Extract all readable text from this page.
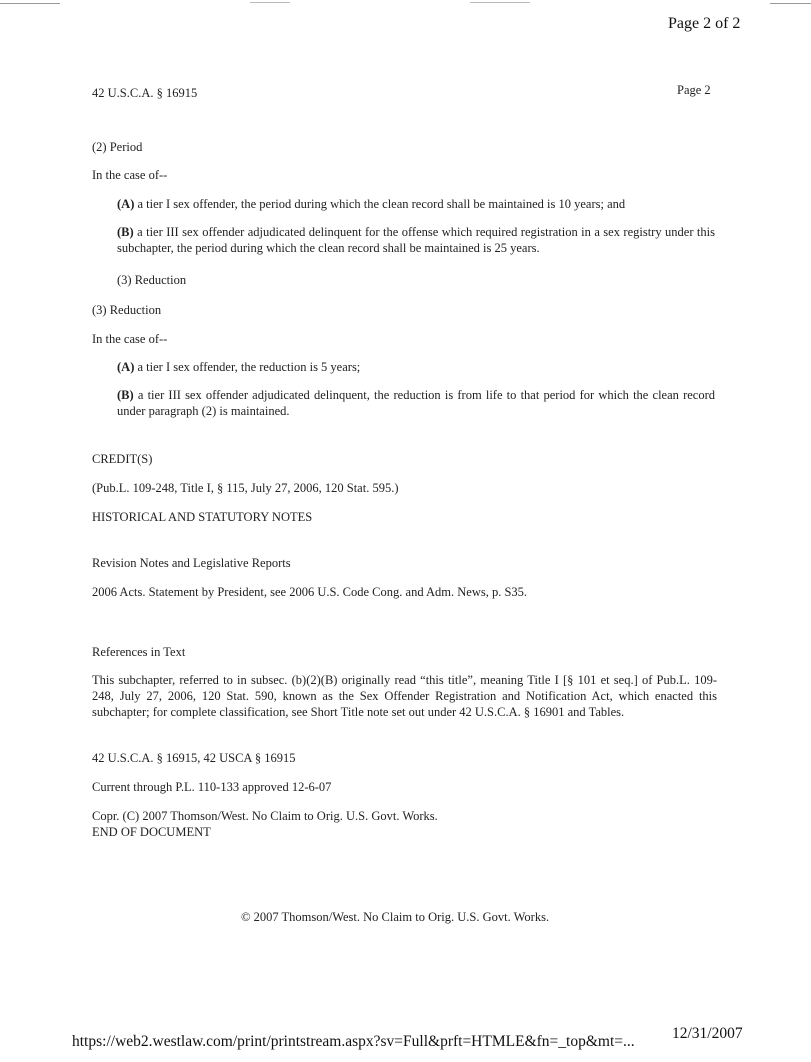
Page 2 of 2
42 U.S.C.A. § 16915	Page 2
(2) Period
In the case of--
(A) a tier I sex offender, the period during which the clean record shall be maintained is 10 years; and
(B) a tier III sex offender adjudicated delinquent for the offense which required registration in a sex registry under this subchapter, the period during which the clean record shall be maintained is 25 years.
(3) Reduction
(3) Reduction
In the case of--
(A) a tier I sex offender, the reduction is 5 years;
(B) a tier III sex offender adjudicated delinquent, the reduction is from life to that period for which the clean record under paragraph (2) is maintained.
CREDIT(S)
(Pub.L. 109-248, Title I, § 115, July 27, 2006, 120 Stat. 595.)
HISTORICAL AND STATUTORY NOTES
Revision Notes and Legislative Reports
2006 Acts. Statement by President, see 2006 U.S. Code Cong. and Adm. News, p. S35.
References in Text
This subchapter, referred to in subsec. (b)(2)(B) originally read “this title”, meaning Title I [§ 101 et seq.] of Pub.L. 109-248, July 27, 2006, 120 Stat. 590, known as the Sex Offender Registration and Notification Act, which enacted this subchapter; for complete classification, see Short Title note set out under 42 U.S.C.A. § 16901 and Tables.
42 U.S.C.A. § 16915, 42 USCA § 16915
Current through P.L. 110-133 approved 12-6-07
Copr. (C) 2007 Thomson/West. No Claim to Orig. U.S. Govt. Works.
END OF DOCUMENT
© 2007 Thomson/West. No Claim to Orig. U.S. Govt. Works.
https://web2.westlaw.com/print/printstream.aspx?sv=Full&prft=HTMLE&fn=_top&mt=... 12/31/2007
